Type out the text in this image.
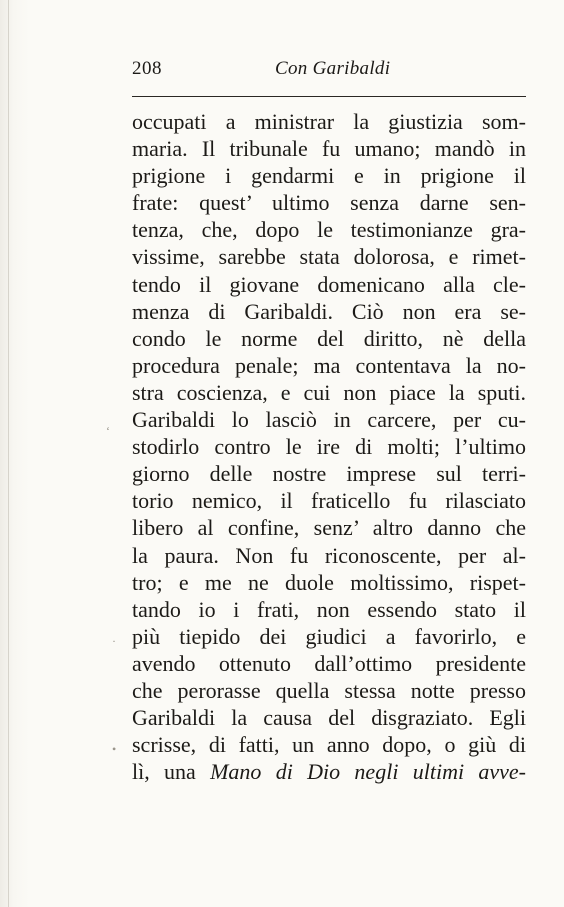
208	Con Garibaldi
occupati a ministrar la giustizia som-
maria. Il tribunale fu umano; mandò in
prigione i gendarmi e in prigione il
frate: quest’ ultimo senza darne sen-
tenza, che, dopo le testimonianze gra-
vissime, sarebbe stata dolorosa, e rimet-
tendo il giovane domenicano alla cle-
menza di Garibaldi. Ciò non era se-
condo le norme del diritto, nè della
procedura penale; ma contentava la no-
stra coscienza, e cui non piace la sputi.
Garibaldi lo lasciò in carcere, per cu-
stodirlo contro le ire di molti; l’ultimo
giorno delle nostre imprese sul terri-
torio nemico, il fraticello fu rilasciato
libero al confine, senz’ altro danno che
la paura. Non fu riconoscente, per al-
tro; e me ne duole moltissimo, rispet-
tando io i frati, non essendo stato il
più tiepido dei giudici a favorirlo, e
avendo ottenuto dall’ottimo presidente
che perorasse quella stessa notte presso
Garibaldi la causa del disgraziato. Egli
scrisse, di fatti, un anno dopo, o giù di
lì, una Mano di Dio negli ultimi avve-
‘
·
•
